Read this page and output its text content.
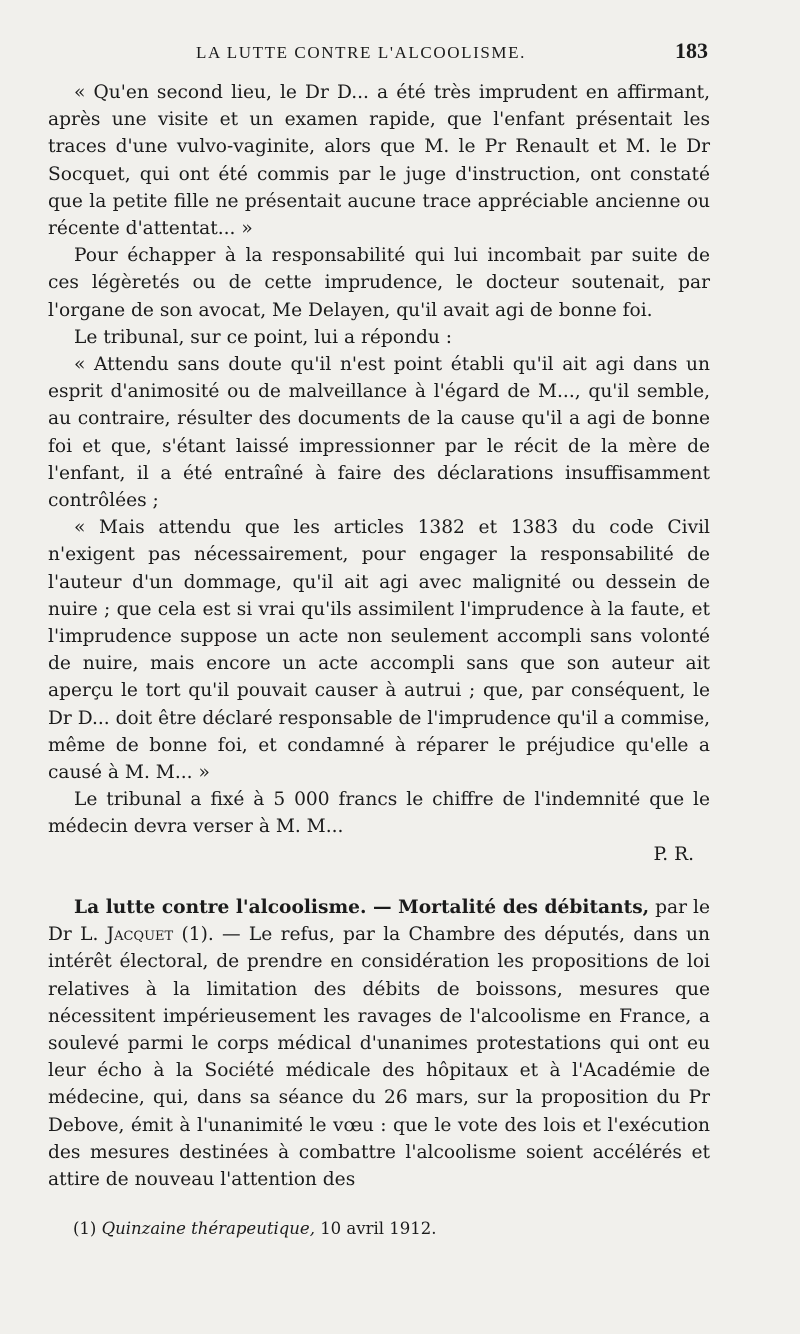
LA LUTTE CONTRE L'ALCOOLISME.	183

« Qu'en second lieu, le Dr D... a été très imprudent en affirmant, après une visite et un examen rapide, que l'enfant présentait les traces d'une vulvo-vaginite, alors que M. le Pr Renault et M. le Dr Socquet, qui ont été commis par le juge d'instruction, ont constaté que la petite fille ne présentait aucune trace appréciable ancienne ou récente d'attentat... »

Pour échapper à la responsabilité qui lui incombait par suite de ces légèretés ou de cette imprudence, le docteur soutenait, par l'organe de son avocat, Me Delayen, qu'il avait agi de bonne foi.

Le tribunal, sur ce point, lui a répondu :

« Attendu sans doute qu'il n'est point établi qu'il ait agi dans un esprit d'animosité ou de malveillance à l'égard de M..., qu'il semble, au contraire, résulter des documents de la cause qu'il a agi de bonne foi et que, s'étant laissé impressionner par le récit de la mère de l'enfant, il a été entraîné à faire des déclarations insuffisamment contrôlées ;

« Mais attendu que les articles 1382 et 1383 du code Civil n'exigent pas nécessairement, pour engager la responsabilité de l'auteur d'un dommage, qu'il ait agi avec malignité ou dessein de nuire ; que cela est si vrai qu'ils assimilent l'imprudence à la faute, et l'imprudence suppose un acte non seulement accompli sans volonté de nuire, mais encore un acte accompli sans que son auteur ait aperçu le tort qu'il pouvait causer à autrui ; que, par conséquent, le Dr D... doit être déclaré responsable de l'imprudence qu'il a commise, même de bonne foi, et condamné à réparer le préjudice qu'elle a causé à M. M... »

Le tribunal a fixé à 5 000 francs le chiffre de l'indemnité que le médecin devra verser à M. M...

P. R.

La lutte contre l'alcoolisme. — Mortalité des débitants, par le Dr L. Jacquet (1). — Le refus, par la Chambre des députés, dans un intérêt électoral, de prendre en considération les propositions de loi relatives à la limitation des débits de boissons, mesures que nécessitent impérieusement les ravages de l'alcoolisme en France, a soulevé parmi le corps médical d'unanimes protestations qui ont eu leur écho à la Société médicale des hôpitaux et à l'Académie de médecine, qui, dans sa séance du 26 mars, sur la proposition du Pr Debove, émit à l'unanimité le vœu : que le vote des lois et l'exécution des mesures destinées à combattre l'alcoolisme soient accélérés et attire de nouveau l'attention des

(1) Quinzaine thérapeutique, 10 avril 1912.
